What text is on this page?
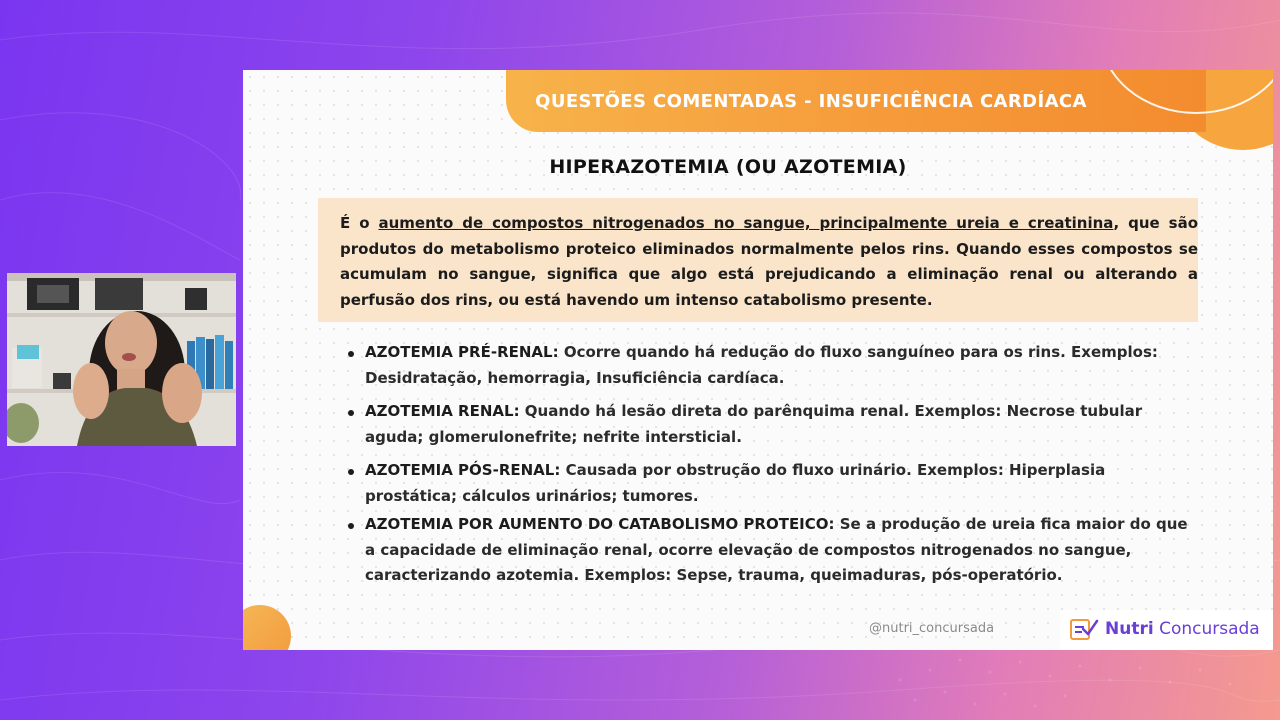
QUESTÕES COMENTADAS - INSUFICIÊNCIA CARDÍACA
HIPERAZOTEMIA (OU AZOTEMIA)
É o aumento de compostos nitrogenados no sangue, principalmente ureia e creatinina, que são produtos do metabolismo proteico eliminados normalmente pelos rins. Quando esses compostos se acumulam no sangue, significa que algo está prejudicando a eliminação renal ou alterando a perfusão dos rins, ou está havendo um intenso catabolismo presente.
AZOTEMIA PRÉ-RENAL: Ocorre quando há redução do fluxo sanguíneo para os rins. Exemplos: Desidratação, hemorragia, Insuficiência cardíaca.
AZOTEMIA RENAL: Quando há lesão direta do parênquima renal. Exemplos: Necrose tubular aguda; glomerulonefrite; nefrite intersticial.
AZOTEMIA PÓS-RENAL: Causada por obstrução do fluxo urinário. Exemplos: Hiperplasia prostática; cálculos urinários; tumores.
AZOTEMIA POR AUMENTO DO CATABOLISMO PROTEICO: Se a produção de ureia fica maior do que a capacidade de eliminação renal, ocorre elevação de compostos nitrogenados no sangue, caracterizando azotemia. Exemplos: Sepse, trauma, queimaduras, pós-operatório.
@nutri_concursada	Nutri Concursada
